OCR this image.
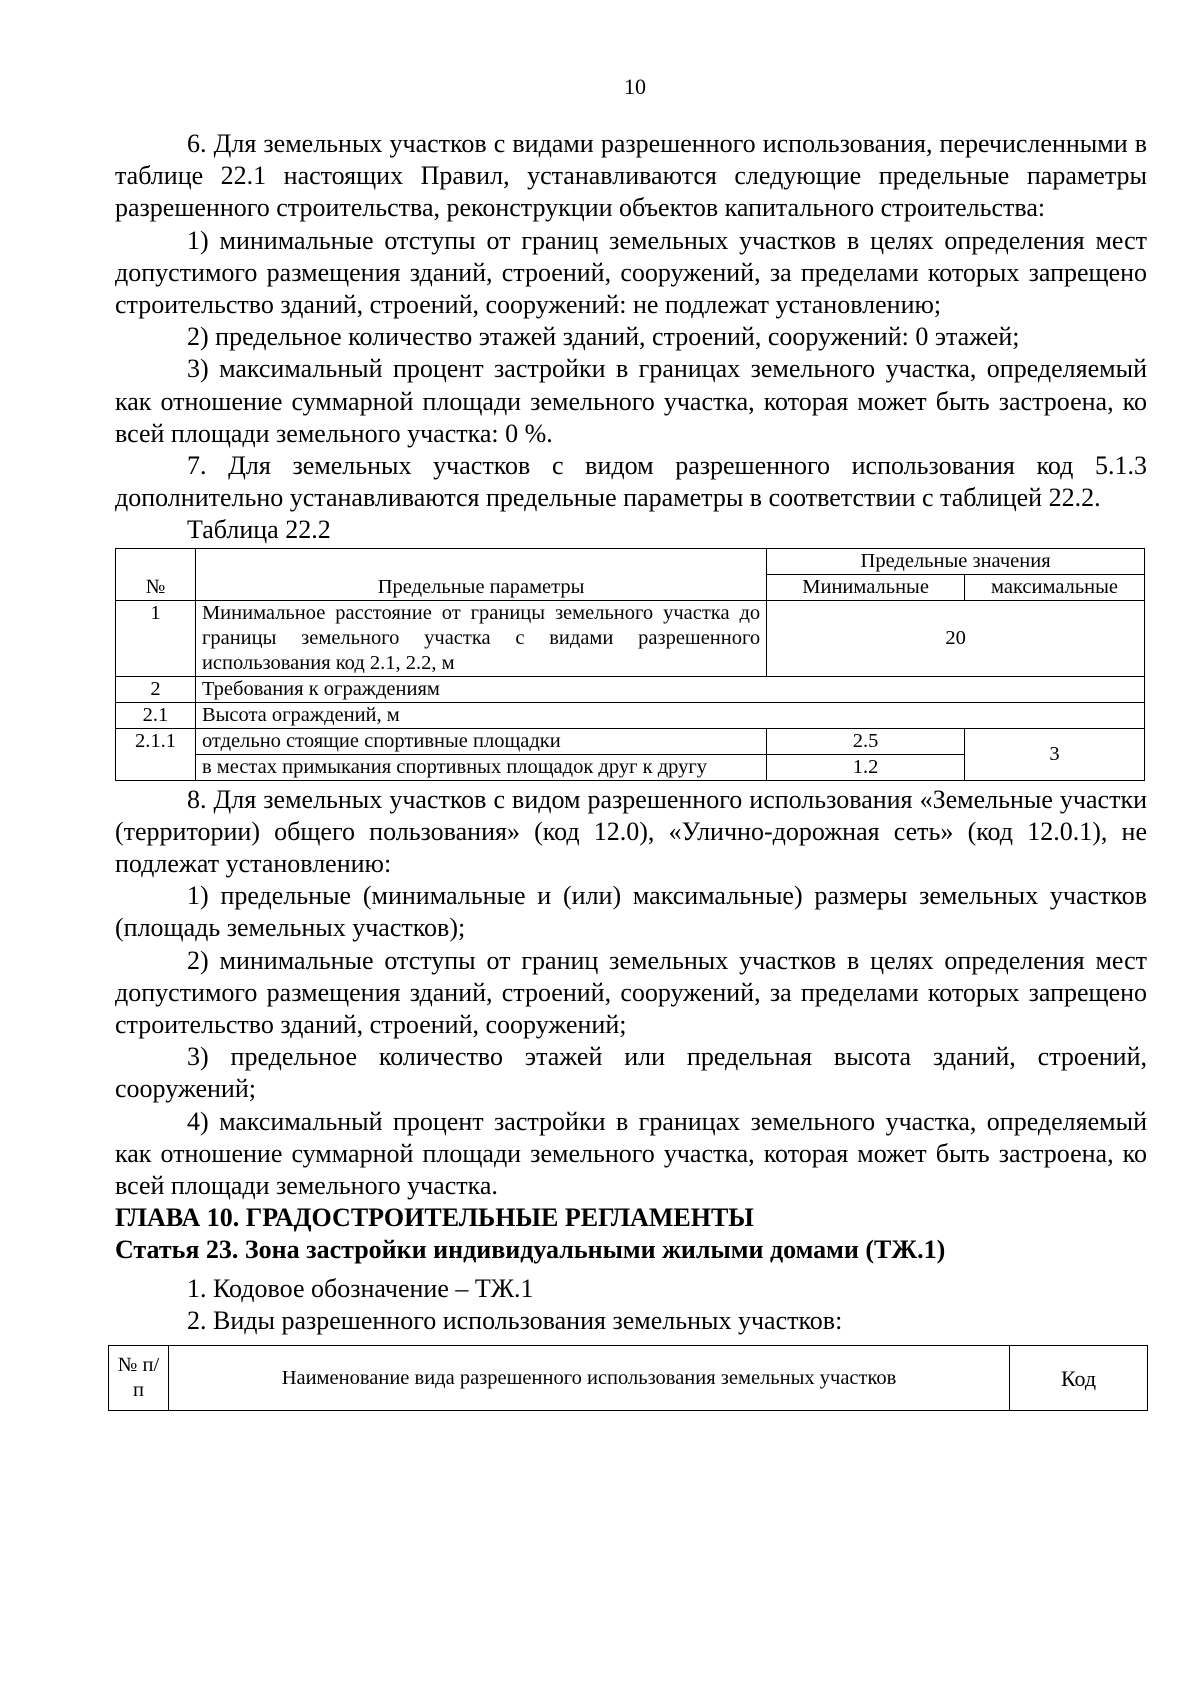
10

6. Для земельных участков с видами разрешенного использования, перечисленными в таблице 22.1 настоящих Правил, устанавливаются следующие предельные параметры разрешенного строительства, реконструкции объектов капитального строительства:

1) минимальные отступы от границ земельных участков в целях определения мест допустимого размещения зданий, строений, сооружений, за пределами которых запрещено строительство зданий, строений, сооружений: не подлежат установлению;

2) предельное количество этажей зданий, строений, сооружений: 0 этажей;

3) максимальный процент застройки в границах земельного участка, определяемый как отношение суммарной площади земельного участка, которая может быть застроена, ко всей площади земельного участка: 0 %.

7. Для земельных участков с видом разрешенного использования код 5.1.3 дополнительно устанавливаются предельные параметры в соответствии с таблицей 22.2.

Таблица 22.2

№	Предельные параметры	Предельные значения	
		Минимальные	максимальные
1	Минимальное расстояние от границы земельного участка до границы земельного участка с видами разрешенного использования код 2.1, 2.2, м	20	
2	Требования к ограждениям		
2.1	Высота ограждений, м		
2.1.1	отдельно стоящие спортивные площадки	2.5	3
	в местах примыкания спортивных площадок друг к другу	1.2	

8. Для земельных участков с видом разрешенного использования «Земельные участки (территории) общего пользования» (код 12.0), «Улично-дорожная сеть» (код 12.0.1), не подлежат установлению:

1) предельные (минимальные и (или) максимальные) размеры земельных участков (площадь земельных участков);

2) минимальные отступы от границ земельных участков в целях определения мест допустимого размещения зданий, строений, сооружений, за пределами которых запрещено строительство зданий, строений, сооружений;

3) предельное количество этажей или предельная высота зданий, строений, сооружений;

4) максимальный процент застройки в границах земельного участка, определяемый как отношение суммарной площади земельного участка, которая может быть застроена, ко всей площади земельного участка.

ГЛАВА 10. ГРАДОСТРОИТЕЛЬНЫЕ РЕГЛАМЕНТЫ

Статья 23. Зона застройки индивидуальными жилыми домами (ТЖ.1)

1. Кодовое обозначение – ТЖ.1

2. Виды разрешенного использования земельных участков:

№ п/п	Наименование вида разрешенного использования земельных участков	Код
